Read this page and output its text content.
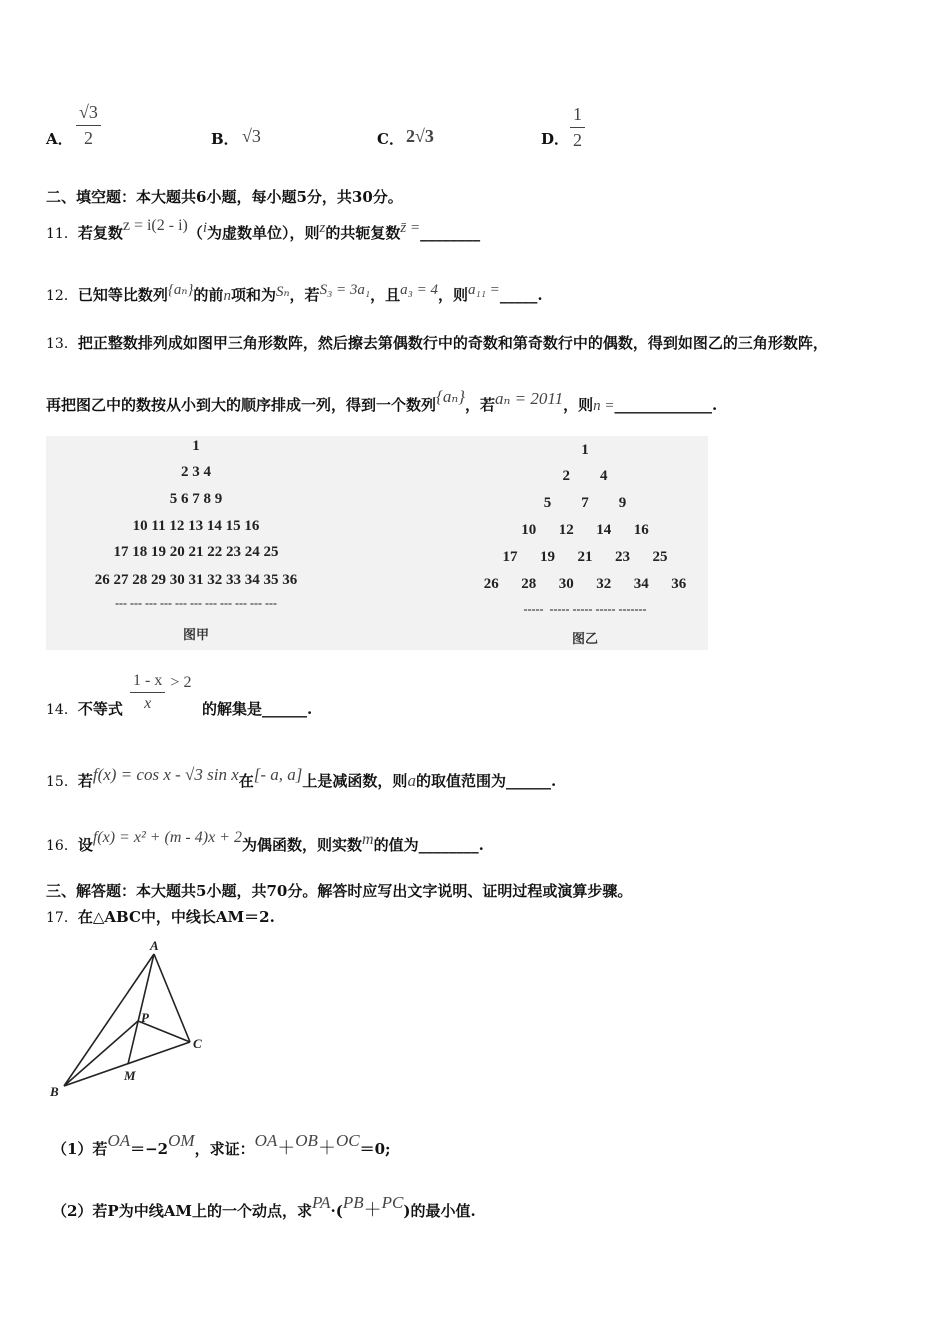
A． $\frac{√3}{2}$	B． √3	C． 2√3	D． $\frac{1}{2}$
二、填空题：本大题共6小题，每小题5分，共30分。
11．若复数z = i(2 - i)（i为虚数单位），则z的共轭复数z̄ =________
12．已知等比数列{aₙ}的前n项和为Sₙ，若S₃ = 3a₁，且a₃ = 4，则a₁₁ =_____.
13．把正整数排列成如图甲三角形数阵，然后擦去第偶数行中的奇数和第奇数行中的偶数，得到如图乙的三角形数阵，
再把图乙中的数按从小到大的顺序排成一列，得到一个数列{aₙ}，若aₙ = 2011，则n =_____________.
1
2 3 4
5 6 7 8 9
10 11 12 13 14 15 16
17 18 19 20 21 22 23 24 25
26 27 28 29 30 31 32 33 34 35 36
--- --- --- --- --- --- --- --- --- --- ---
图甲
1
2        4
5        7        9
10      12      14      16
17      19      21      23      25
26      28      30      32      34      36
-----  ----- ----- ----- -------
图乙
14．不等式 $\frac{1 - x}{x} > 2$
的解集是______.
15．若f(x) = cos x - √3 sin x在[- a, a]上是减函数，则a的取值范围为______.
16．设f(x) = x² + (m - 4)x + 2为偶函数，则实数m的值为________.
三、解答题：本大题共5小题，共70分。解答时应写出文字说明、证明过程或演算步骤。
17．在△ABC中，中线长AM＝2.
A
B
C
P
M
（1）若OA＝−2OM，求证：OA＋OB＋OC＝0;
（2）若P为中线AM上的一个动点，求PA·(PB＋PC)的最小值.
